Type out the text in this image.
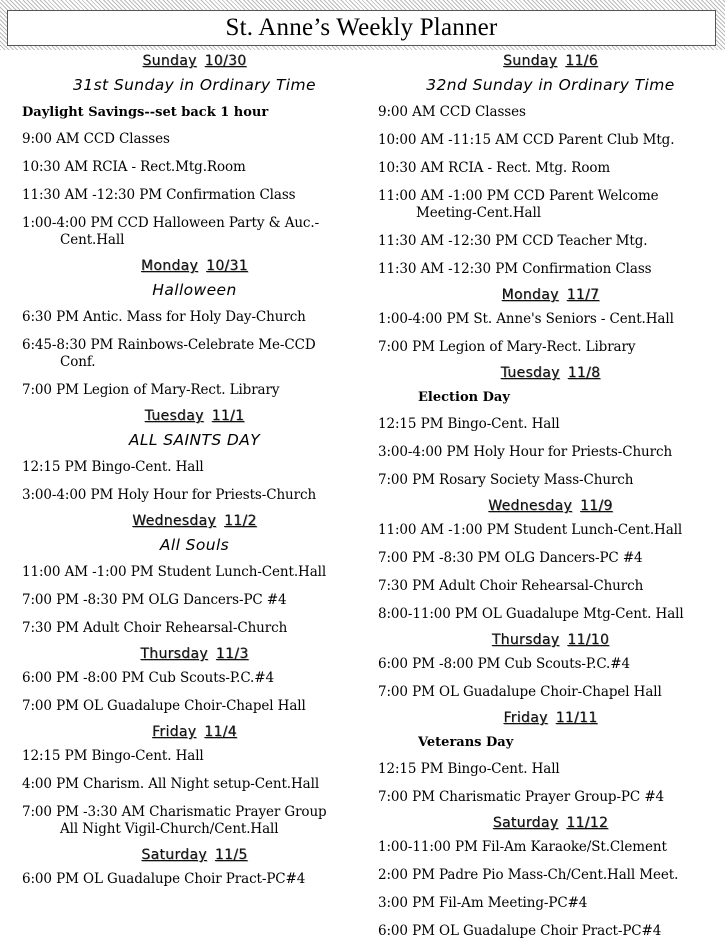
St. Anne’s Weekly Planner
Sunday 10/30
31st Sunday in Ordinary Time
Daylight Savings--set back 1 hour
9:00 AM CCD Classes
10:30 AM RCIA - Rect.Mtg.Room
11:30 AM -12:30 PM Confirmation Class
1:00-4:00 PM CCD Halloween Party & Auc.-
Cent.Hall
Monday 10/31
Halloween
6:30 PM Antic. Mass for Holy Day-Church
6:45-8:30 PM Rainbows-Celebrate Me-CCD
Conf.
7:00 PM Legion of Mary-Rect. Library
Tuesday 11/1
ALL SAINTS DAY
12:15 PM Bingo-Cent. Hall
3:00-4:00 PM Holy Hour for Priests-Church
Wednesday 11/2
All Souls
11:00 AM -1:00 PM Student Lunch-Cent.Hall
7:00 PM -8:30 PM OLG Dancers-PC #4
7:30 PM Adult Choir Rehearsal-Church
Thursday 11/3
6:00 PM -8:00 PM Cub Scouts-P.C.#4
7:00 PM OL Guadalupe Choir-Chapel Hall
Friday 11/4
12:15 PM Bingo-Cent. Hall
4:00 PM Charism. All Night setup-Cent.Hall
7:00 PM -3:30 AM Charismatic Prayer Group
All Night Vigil-Church/Cent.Hall
Saturday 11/5
6:00 PM OL Guadalupe Choir Pract-PC#4
Sunday 11/6
32nd Sunday in Ordinary Time
9:00 AM CCD Classes
10:00 AM -11:15 AM CCD Parent Club Mtg.
10:30 AM RCIA - Rect. Mtg. Room
11:00 AM -1:00 PM CCD Parent Welcome
Meeting-Cent.Hall
11:30 AM -12:30 PM CCD Teacher Mtg.
11:30 AM -12:30 PM Confirmation Class
Monday 11/7
1:00-4:00 PM St. Anne's Seniors - Cent.Hall
7:00 PM Legion of Mary-Rect. Library
Tuesday 11/8
Election Day
12:15 PM Bingo-Cent. Hall
3:00-4:00 PM Holy Hour for Priests-Church
7:00 PM Rosary Society Mass-Church
Wednesday 11/9
11:00 AM -1:00 PM Student Lunch-Cent.Hall
7:00 PM -8:30 PM OLG Dancers-PC #4
7:30 PM Adult Choir Rehearsal-Church
8:00-11:00 PM OL Guadalupe Mtg-Cent. Hall
Thursday 11/10
6:00 PM -8:00 PM Cub Scouts-P.C.#4
7:00 PM OL Guadalupe Choir-Chapel Hall
Friday 11/11
Veterans Day
12:15 PM Bingo-Cent. Hall
7:00 PM Charismatic Prayer Group-PC #4
Saturday 11/12
1:00-11:00 PM Fil-Am Karaoke/St.Clement
2:00 PM Padre Pio Mass-Ch/Cent.Hall Meet.
3:00 PM Fil-Am Meeting-PC#4
6:00 PM OL Guadalupe Choir Pract-PC#4
